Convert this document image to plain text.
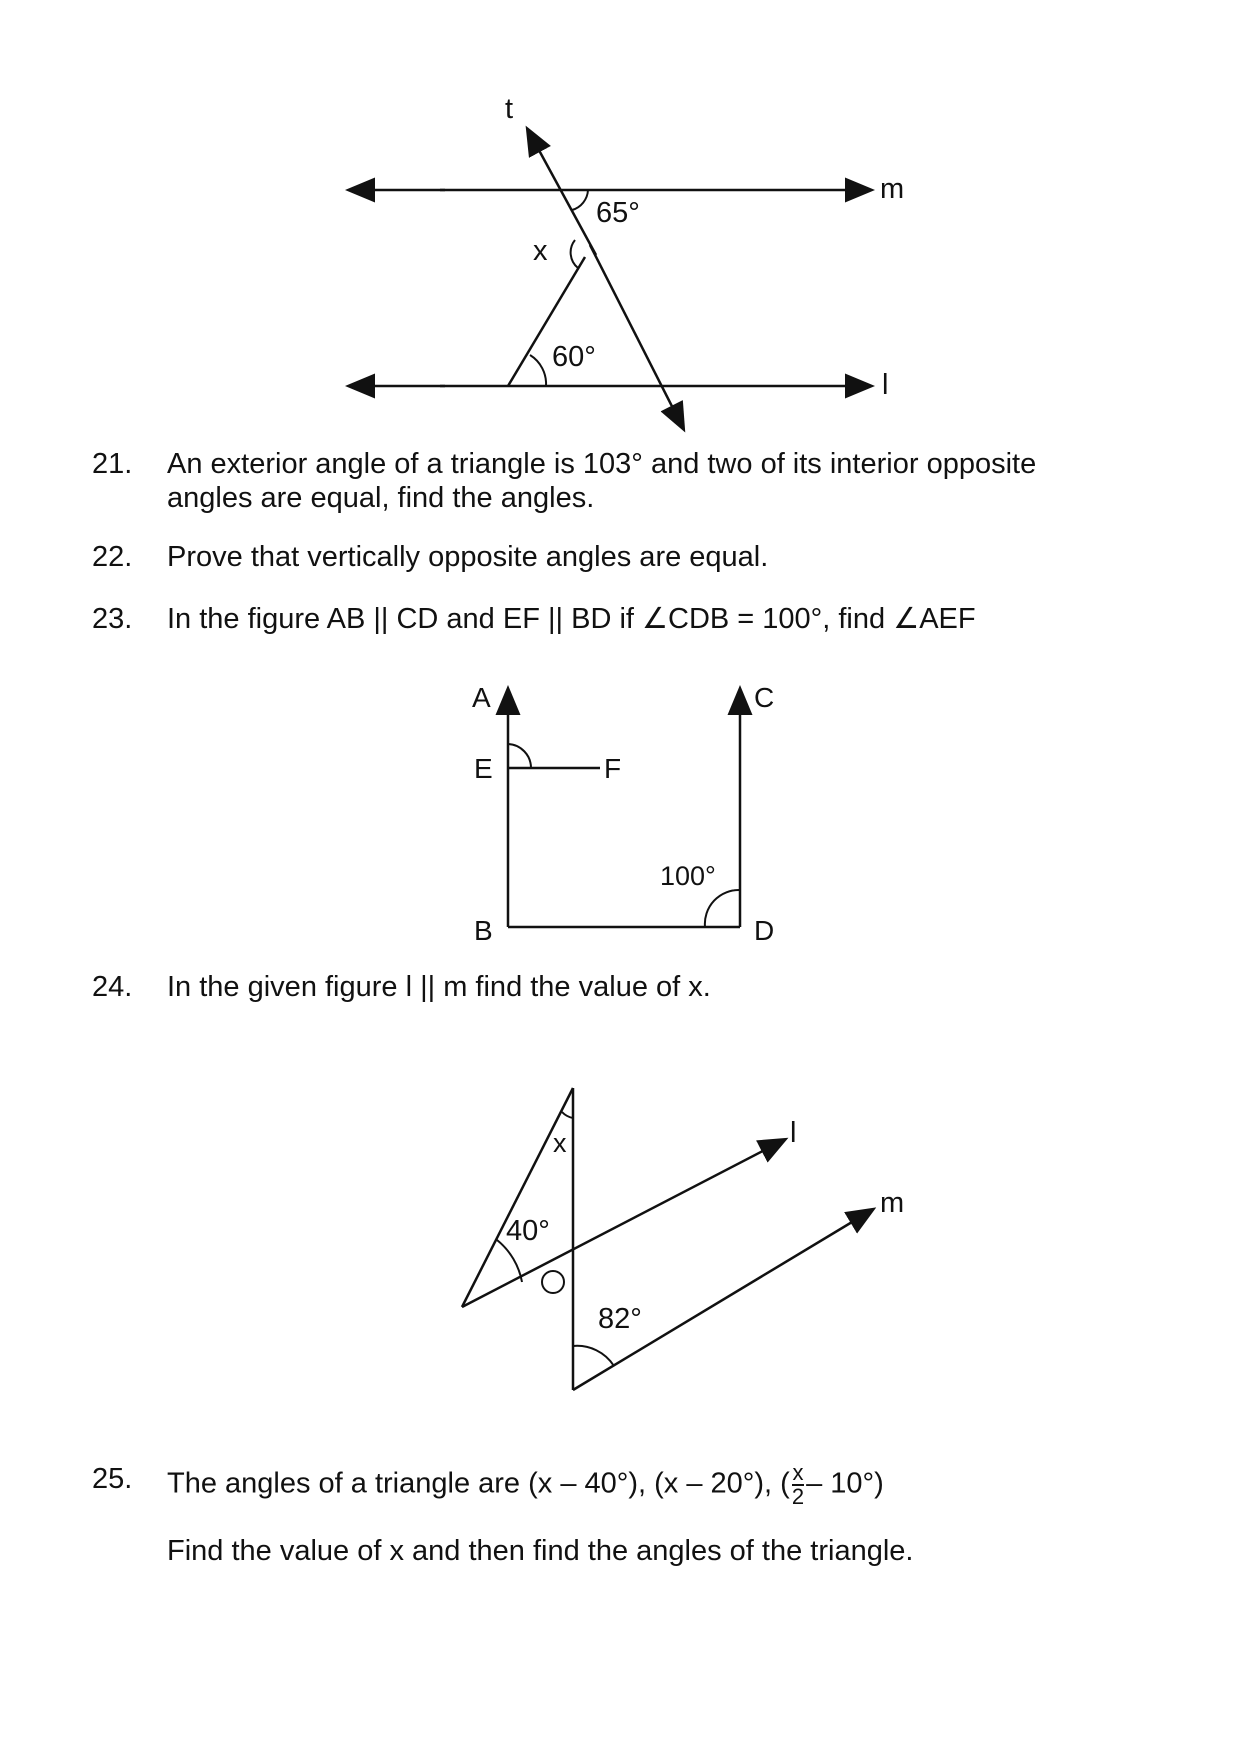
t
m
l
x
65°
60°
21. An exterior angle of a triangle is 103° and two of its interior opposite
angles are equal, find the angles.
22. Prove that vertically opposite angles are equal.
23. In the figure AB || CD and EF || BD if ∠CDB = 100°, find ∠AEF
A	C
E	F
B	D
100°
24. In the given figure l || m find the value of x.
x	l
m
40°
82°
25. The angles of a triangle are (x – 40°), (x – 20°), ( $\frac{x}{2} - 10^\circ$)
Find the value of x and then find the angles of the triangle.
